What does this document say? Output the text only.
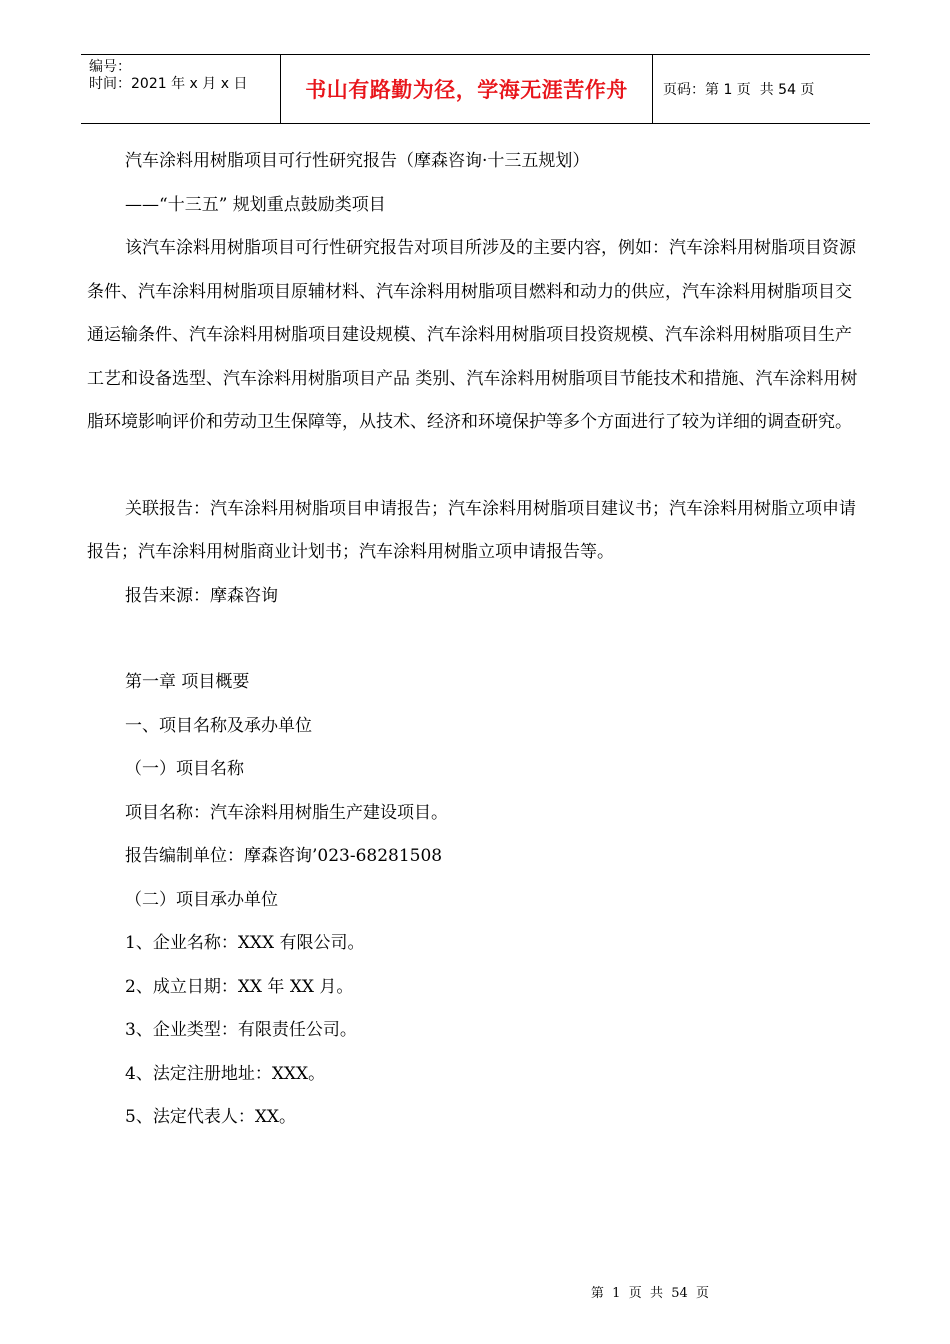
编号：
时间：2021 年 x 月 x 日	书山有路勤为径，学海无涯苦作舟	页码：第 1 页  共 54 页

汽车涂料用树脂项目可行性研究报告（摩森咨询·十三五规划）

——“十三五” 规划重点鼓励类项目

该汽车涂料用树脂项目可行性研究报告对项目所涉及的主要内容，例如：汽车涂料用树脂项目资源条件、汽车涂料用树脂项目原辅材料、汽车涂料用树脂项目燃料和动力的供应，汽车涂料用树脂项目交通运输条件、汽车涂料用树脂项目建设规模、汽车涂料用树脂项目投资规模、汽车涂料用树脂项目生产工艺和设备选型、汽车涂料用树脂项目产品 类别、汽车涂料用树脂项目节能技术和措施、汽车涂料用树脂环境影响评价和劳动卫生保障等，从技术、经济和环境保护等多个方面进行了较为详细的调查研究。

关联报告：汽车涂料用树脂项目申请报告；汽车涂料用树脂项目建议书；汽车涂料用树脂立项申请报告；汽车涂料用树脂商业计划书；汽车涂料用树脂立项申请报告等。

报告来源：摩森咨询

第一章 项目概要

一、项目名称及承办单位

（一）项目名称

项目名称：汽车涂料用树脂生产建设项目。

报告编制单位：摩森咨询’023-68281508

（二）项目承办单位

1、企业名称：XXX 有限公司。

2、成立日期：XX 年 XX 月。

3、企业类型：有限责任公司。

4、法定注册地址：XXX。

5、法定代表人：XX。

第  1  页  共  54  页
